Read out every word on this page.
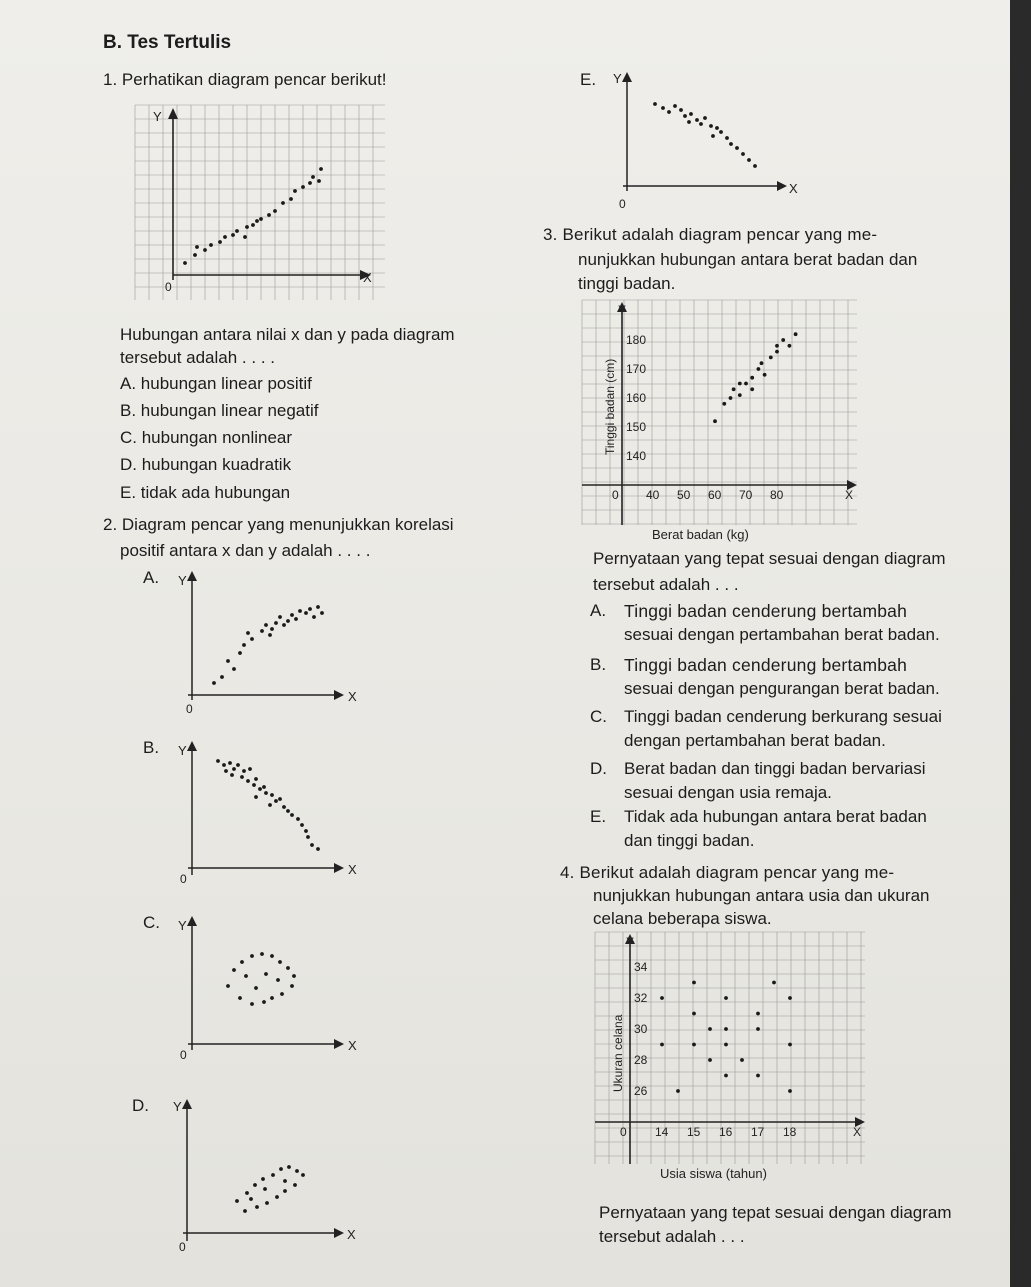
B. Tes Tertulis
1. Perhatikan diagram pencar berikut!
Y
X
0
Hubungan antara nilai x dan y pada diagram
tersebut adalah . . . .
A. hubungan linear positif
B. hubungan linear negatif
C. hubungan nonlinear
D. hubungan kuadratik
E. tidak ada hubungan
2. Diagram pencar yang menunjukkan korelasi
positif antara x dan y adalah . . . .
A. Y
X
0
B. Y
X
0
C. Y
X
0
D. Y
X
0
E. Y
X
0
3. Berikut adalah diagram pencar yang me-
nunjukkan hubungan antara berat badan dan
tinggi badan.
Y
X
0 40 50 60 70 80
140
150
160
170
180
Berat badan (kg)
Tinggi badan (cm)
Pernyataan yang tepat sesuai dengan diagram
tersebut adalah . . .
A. Tinggi badan cenderung bertambah
sesuai dengan pertambahan berat badan.
B. Tinggi badan cenderung bertambah
sesuai dengan pengurangan berat badan.
C. Tinggi badan cenderung berkurang sesuai
dengan pertambahan berat badan.
D. Berat badan dan tinggi badan bervariasi
sesuai dengan usia remaja.
E. Tidak ada hubungan antara berat badan
dan tinggi badan.
4. Berikut adalah diagram pencar yang me-
nunjukkan hubungan antara usia dan ukuran
celana beberapa siswa.
Y
X
0 14 15 16 17 18
26
28
30
32
34
Usia siswa (tahun)
Ukuran celana
Pernyataan yang tepat sesuai dengan diagram
tersebut adalah . . .
